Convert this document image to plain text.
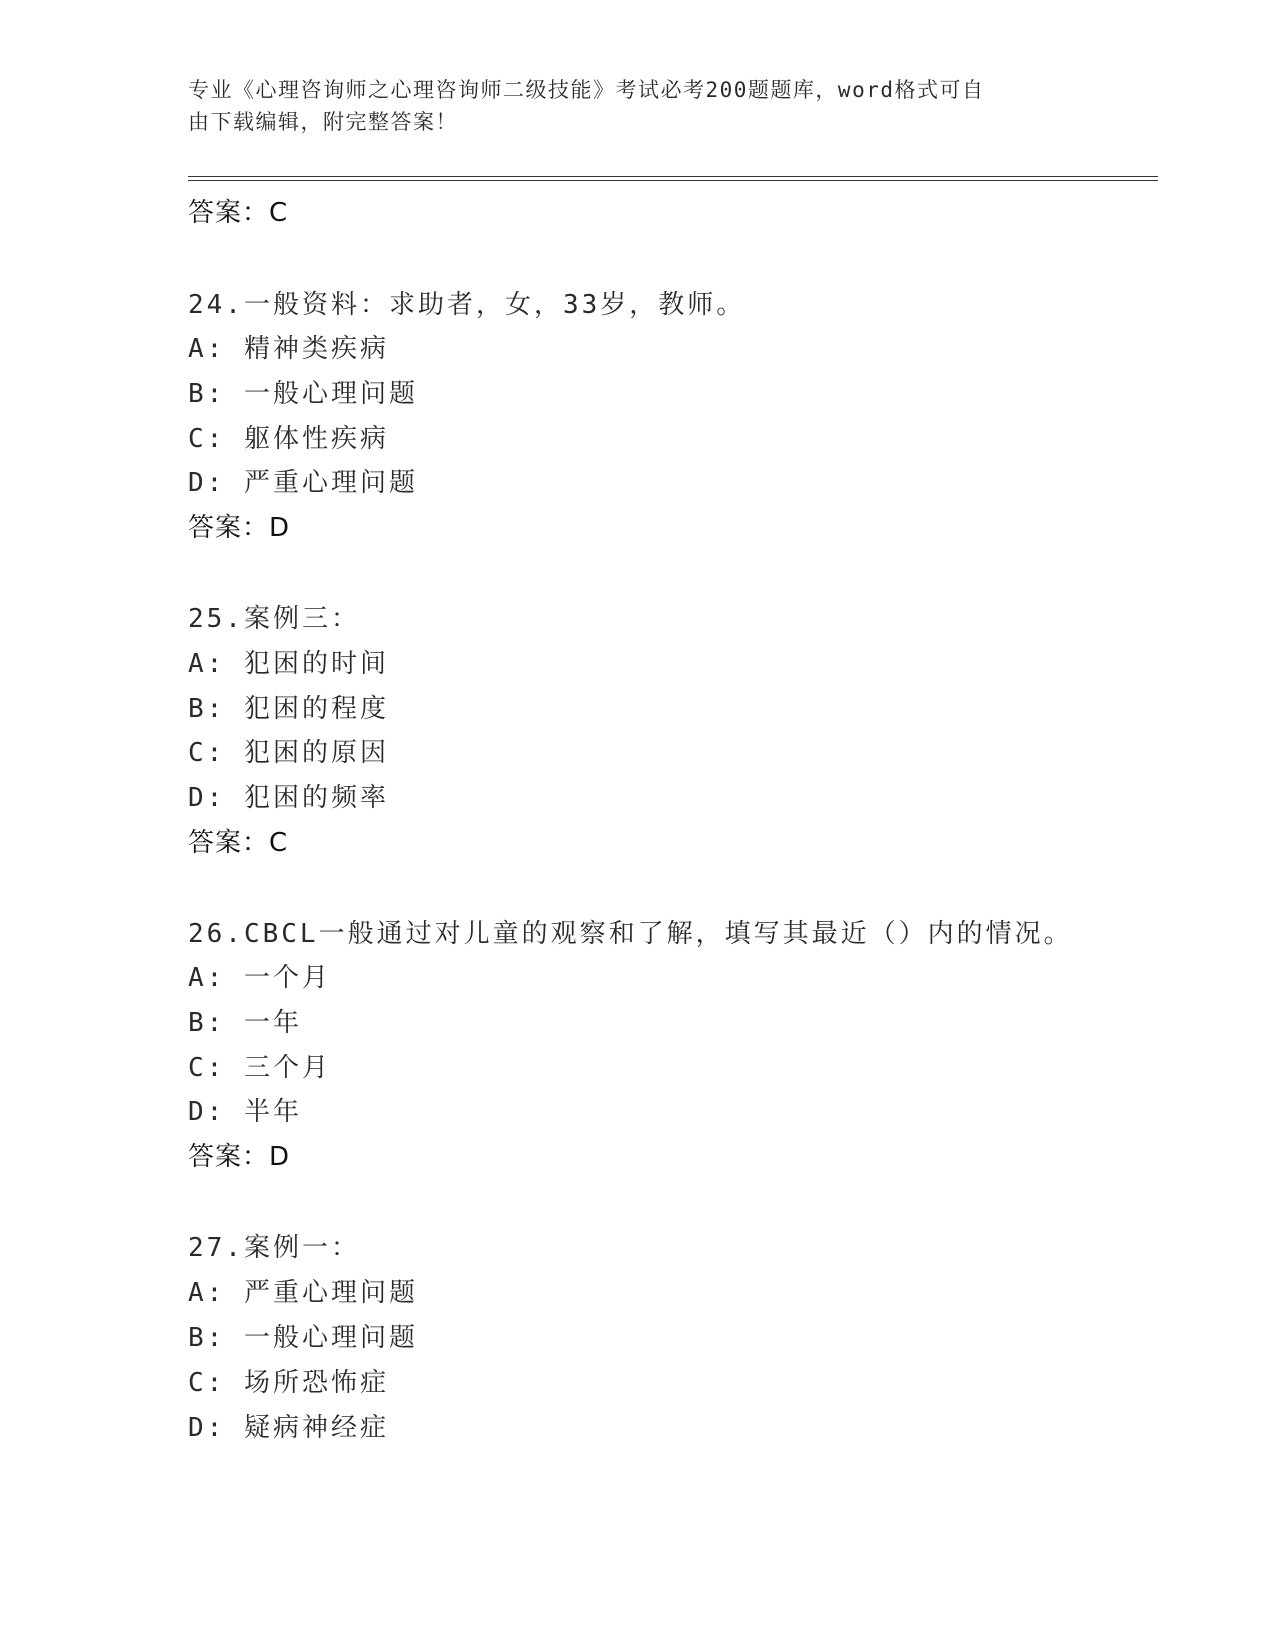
专业《心理咨询师之心理咨询师二级技能》考试必考200题题库，word格式可自
由下载编辑，附完整答案！
答案：C
24.一般资料：求助者，女，33岁，教师。
A: 精神类疾病
B: 一般心理问题
C: 躯体性疾病
D: 严重心理问题
答案：D
25.案例三：
A: 犯困的时间
B: 犯困的程度
C: 犯困的原因
D: 犯困的频率
答案：C
26.CBCL一般通过对儿童的观察和了解，填写其最近（）内的情况。
A: 一个月
B: 一年
C: 三个月
D: 半年
答案：D
27.案例一：
A: 严重心理问题
B: 一般心理问题
C: 场所恐怖症
D: 疑病神经症
